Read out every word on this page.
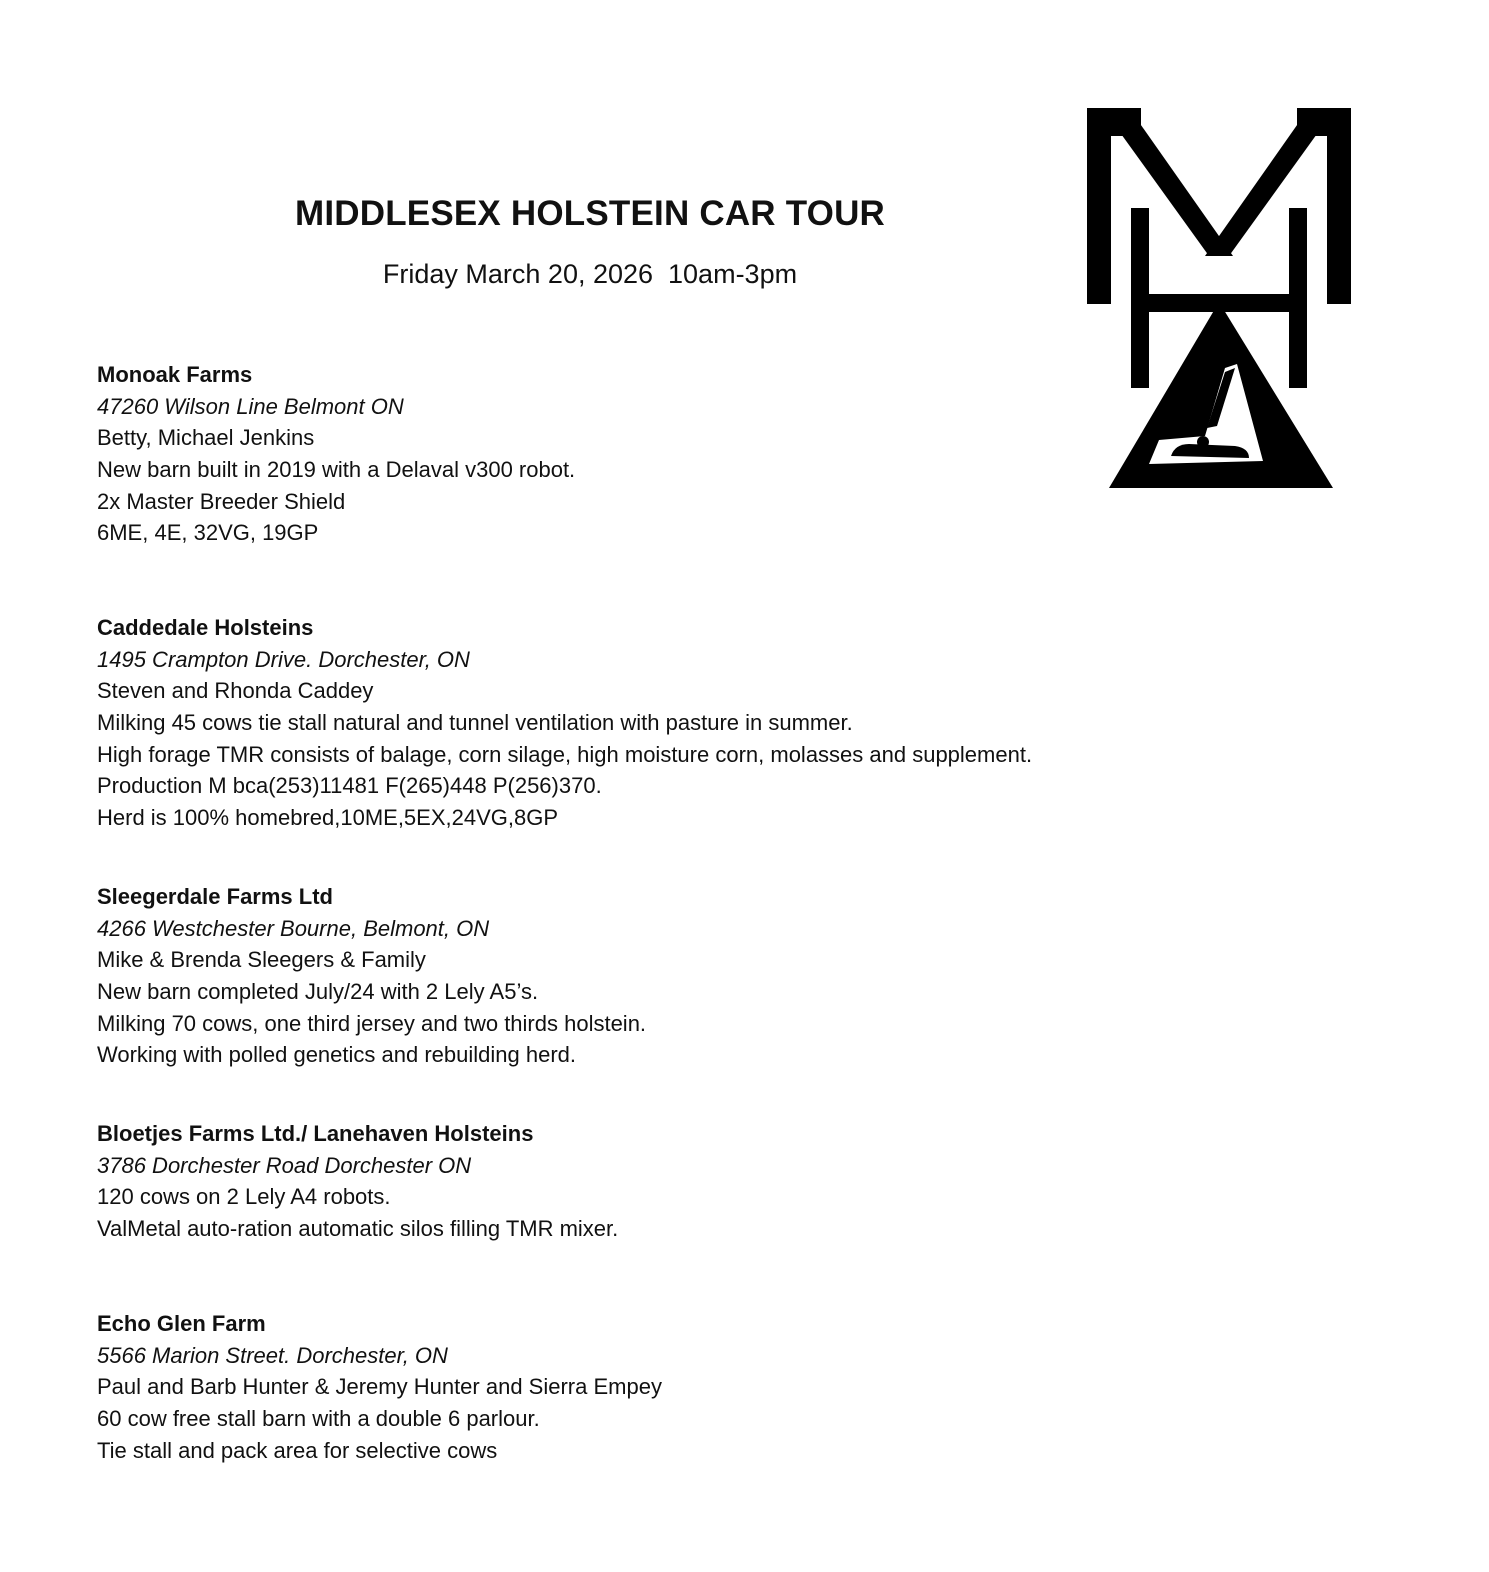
MIDDLESEX HOLSTEIN CAR TOUR
Friday March 20, 2026  10am-3pm
Monoak Farms
47260 Wilson Line Belmont ON
Betty, Michael Jenkins
New barn built in 2019 with a Delaval v300 robot.
2x Master Breeder Shield
6ME, 4E, 32VG, 19GP
Caddedale Holsteins
1495 Crampton Drive. Dorchester, ON
Steven and Rhonda Caddey
Milking 45 cows tie stall natural and tunnel ventilation with pasture in summer.
High forage TMR consists of balage, corn silage, high moisture corn, molasses and supplement.
Production M bca(253)11481 F(265)448 P(256)370.
Herd is 100% homebred,10ME,5EX,24VG,8GP
Sleegerdale Farms Ltd
4266 Westchester Bourne, Belmont, ON
Mike & Brenda Sleegers & Family
New barn completed July/24 with 2 Lely A5’s.
Milking 70 cows, one third jersey and two thirds holstein.
Working with polled genetics and rebuilding herd.
Bloetjes Farms Ltd./ Lanehaven Holsteins
3786 Dorchester Road Dorchester ON
120 cows on 2 Lely A4 robots.
ValMetal auto-ration automatic silos filling TMR mixer.
Echo Glen Farm
5566 Marion Street. Dorchester, ON
Paul and Barb Hunter & Jeremy Hunter and Sierra Empey
60 cow free stall barn with a double 6 parlour.
Tie stall and pack area for selective cows
